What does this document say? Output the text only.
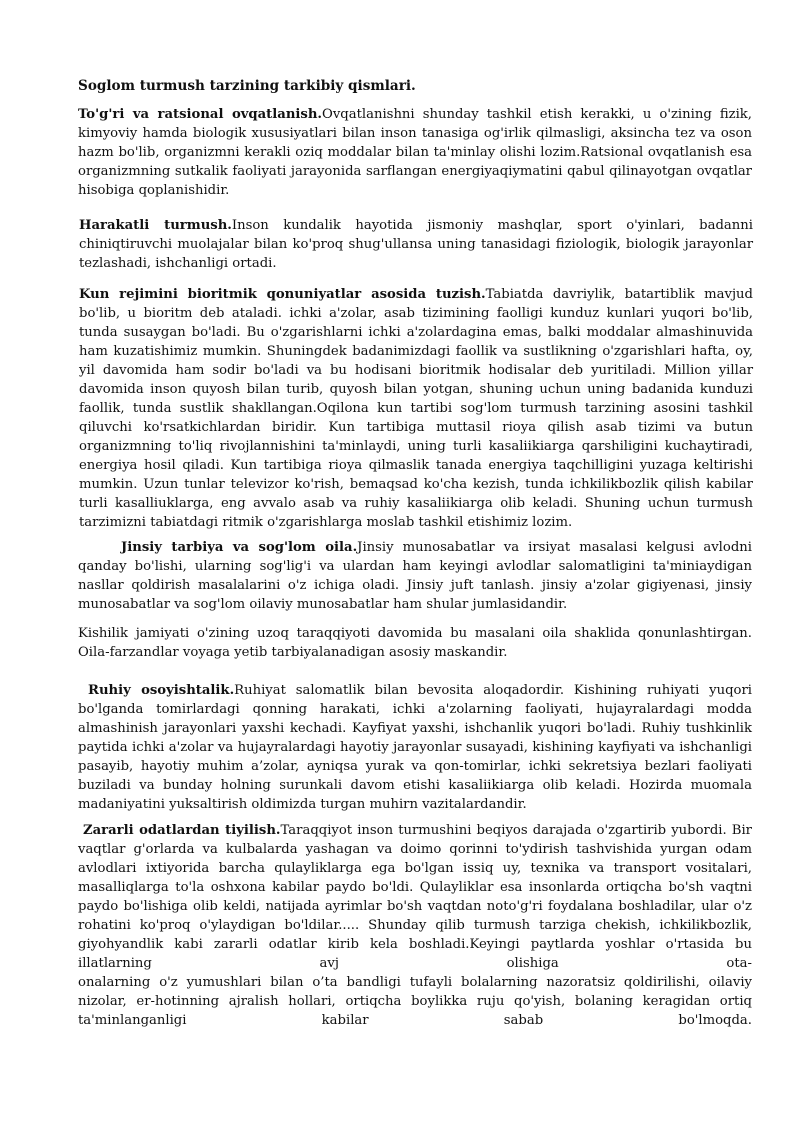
Soglom turmush tarzining tarkibiy qismlari.

To'g'ri va ratsional ovqatlanish.Ovqatlanishni shunday tashkil etish kerakki, u o'zining fizik, kimyoviy hamda biologik xususiyatlari bilan inson tanasiga og'irlik qilmasligi, aksincha tez va oson hazm bo'lib, organizmni kerakli oziq moddalar bilan ta'minlay olishi lozim.Ratsional ovqatlanish esa organizmning sutkalik faoliyati jarayonida sarflangan energiyaqiymatini qabul qilinayotgan ovqatlar hisobiga qoplanishidir.

Harakatli turmush.Inson kundalik hayotida jismoniy mashqlar, sport o'yinlari, badanni chiniqtiruvchi muolajalar bilan ko'proq shug'ullansa uning tanasidagi fiziologik, biologik jarayonlar tezlashadi, ishchanligi ortadi.

Kun rejimini bioritmik qonuniyatlar asosida tuzish.Tabiatda davriylik, batartiblik mavjud bo'lib, u bioritm deb ataladi. ichki a'zolar, asab tizimining faolligi kunduz kunlari yuqori bo'lib, tunda susaygan bo'ladi. Bu o'zgarishlarni ichki a'zolardagina emas, balki moddalar almashinuvida ham kuzatishimiz mumkin. Shuningdek badanimizdagi faollik va sustlikning o'zgarishlari hafta, oy, yil davomida ham sodir bo'ladi va bu hodisani bioritmik hodisalar deb yuritiladi. Million yillar davomida inson quyosh bilan turib, quyosh bilan yotgan, shuning uchun uning badanida kunduzi faollik, tunda sustlik shakllangan.Oqilona kun tartibi sog'lom turmush tarzining asosini tashkil qiluvchi ko'rsatkichlardan biridir. Kun tartibiga muttasil rioya qilish asab tizimi va butun organizmning to'liq rivojlannishini ta'minlaydi, uning turli kasaliikiarga qarshiligini kuchaytiradi, energiya hosil qiladi. Kun tartibiga rioya qilmaslik tanada energiya taqchilligini yuzaga keltirishi mumkin. Uzun tunlar televizor ko'rish, bemaqsad ko'cha kezish, tunda ichkilikbozlik qilish kabilar turli kasalliuklarga, eng avvalo asab va ruhiy kasaliikiarga olib keladi. Shuning uchun turmush tarzimizni tabiatdagi ritmik o'zgarishlarga moslab tashkil etishimiz lozim.

Jinsiy tarbiya va sog'lom oila.Jinsiy munosabatlar va irsiyat masalasi kelgusi avlodni qanday bo'lishi, ularning sog'lig'i va ulardan ham keyingi avlodlar salomatligini ta'miniaydigan nasllar qoldirish masalalarini o'z ichiga oladi. Jinsiy juft tanlash. jinsiy a'zolar gigiyenasi, jinsiy munosabatlar va sog'lom oilaviy munosabatlar ham shular jumlasidandir.

Kishilik jamiyati o'zining uzoq taraqqiyoti davomida bu masalani oila shaklida qonunlashtirgan. Oila-farzandlar voyaga yetib tarbiyalanadigan asosiy maskandir.

Ruhiy osoyishtalik.Ruhiyat salomatlik bilan bevosita aloqadordir. Kishining ruhiyati yuqori bo'lganda tomirlardagi qonning harakati, ichki a'zolarning faoliyati, hujayralardagi modda almashinish jarayonlari yaxshi kechadi. Kayfiyat yaxshi, ishchanlik yuqori bo'ladi. Ruhiy tushkinlik paytida ichki a'zolar va hujayralardagi hayotiy jarayonlar susayadi, kishining kayfiyati va ishchanligi pasayib, hayotiy muhim a’zolar, ayniqsa yurak va qon-tomirlar, ichki sekretsiya bezlari faoliyati buziladi va bunday holning surunkali davom etishi kasaliikiarga olib keladi. Hozirda muomala madaniyatini yuksaltirish oldimizda turgan muhirn vazitalardandir.

Zararli odatlardan tiyilish.Taraqqiyot inson turmushini beqiyos darajada o'zgartirib yubordi. Bir vaqtlar g'orlarda va kulbalarda yashagan va doimo qorinni to'ydirish tashvishida yurgan odam avlodlari ixtiyorida barcha qulayliklarga ega bo'lgan issiq uy, texnika va transport vositalari, masalliqlarga to'la oshxona kabilar paydo bo'ldi. Qulayliklar esa insonlarda ortiqcha bo'sh vaqtni paydo bo'lishiga olib keldi, natijada ayrimlar bo'sh vaqtdan noto'g'ri foydalana boshladilar, ular o'z rohatini ko'proq o'ylaydigan bo'ldilar..... Shunday qilib turmush tarziga chekish, ichkilikbozlik, giyohyandlik kabi zararli odatlar kirib kela boshladi.Keyingi paytlarda yoshlar o'rtasida bu

illatlarning avj olishiga ota-

onalarning o'z yumushlari bilan o’ta bandligi tufayli bolalarning nazoratsiz qoldirilishi, oilaviy nizolar, er-hotinning ajralish hollari, ortiqcha boylikka ruju qo'yish, bolaning keragidan ortiq ta'minlanganligi kabilar sabab bo'lmoqda.
